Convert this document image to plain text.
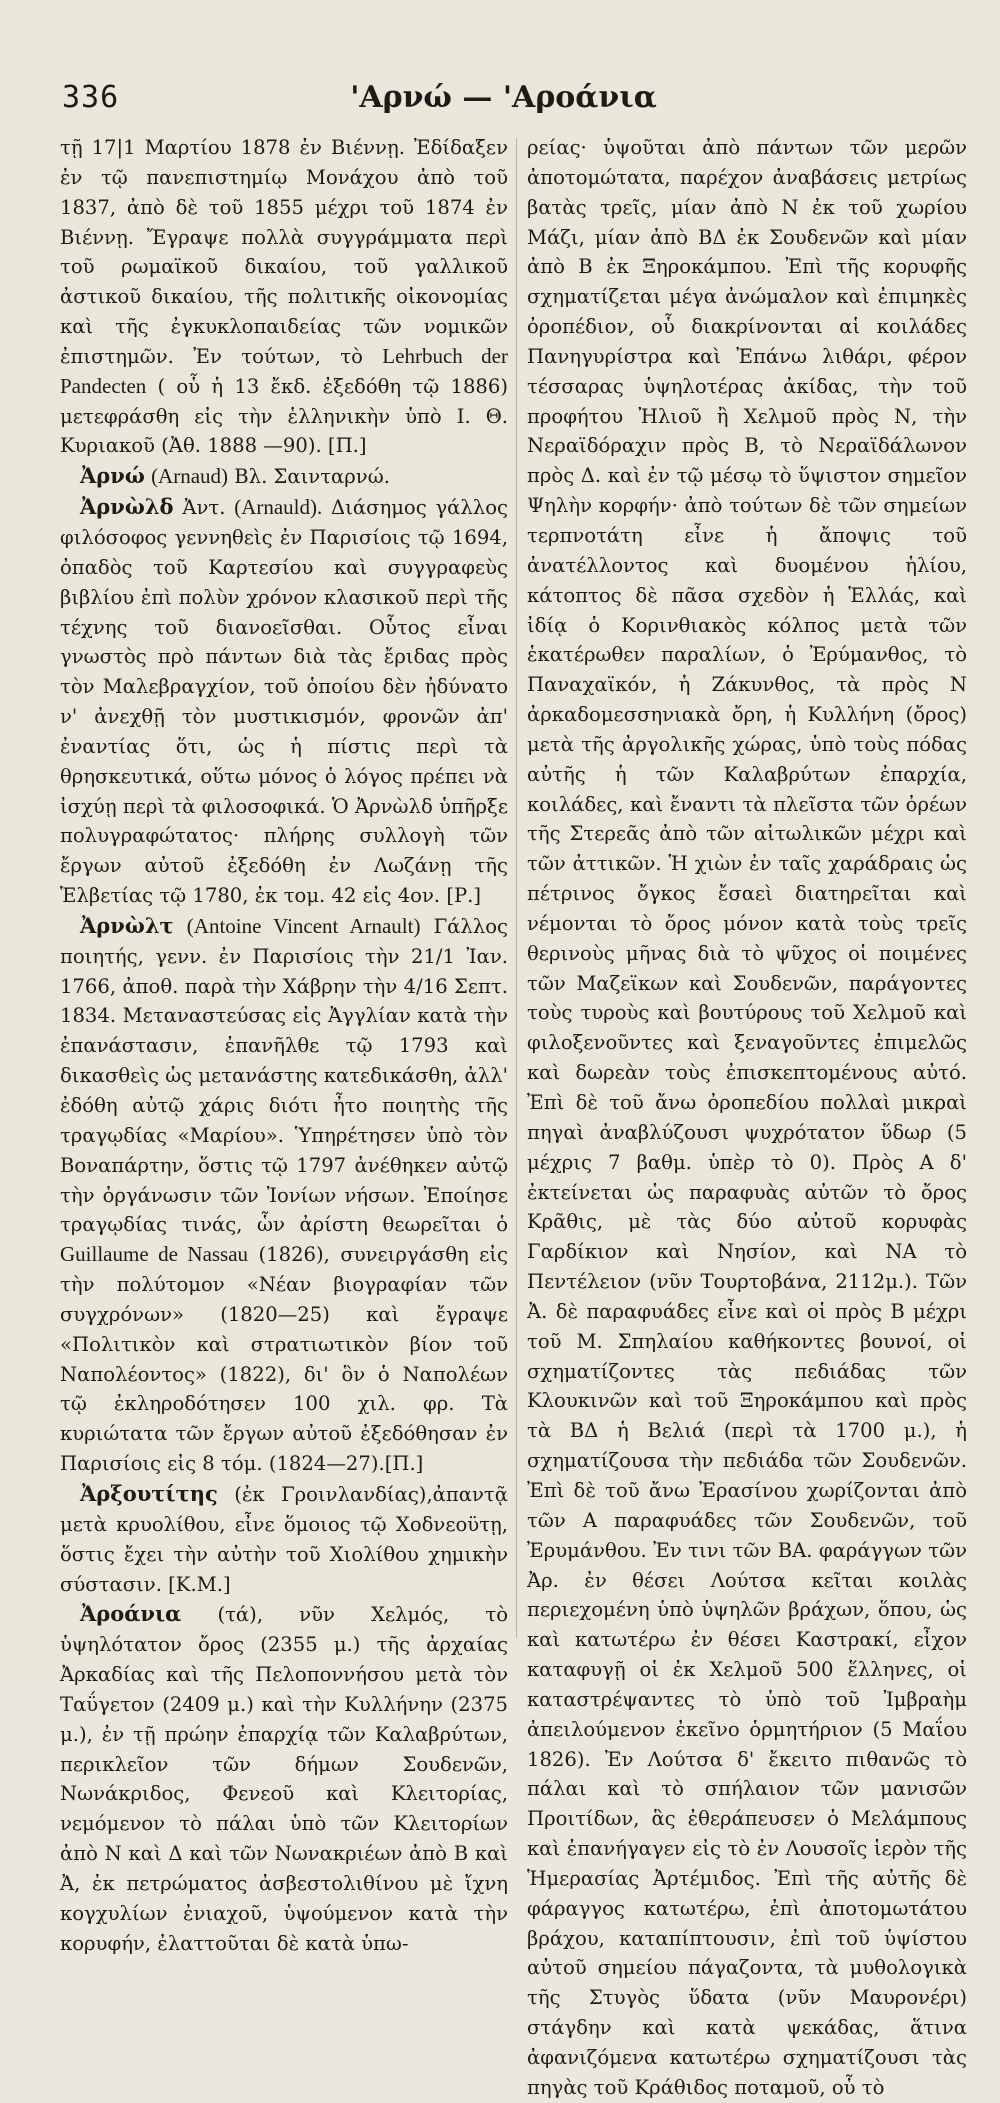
336	'Αρνώ — 'Αροάνια

τῇ 17|1 Μαρτίου 1878 ἐν Βιέννῃ. Ἐδίδαξεν ἐν τῷ πανεπιστημίῳ Μονάχου ἀπὸ τοῦ 1837, ἀπὸ δὲ τοῦ 1855 μέχρι τοῦ 1874 ἐν Βιέννῃ. Ἔγραψε πολλὰ συγγράμματα περὶ τοῦ ρωμαϊκοῦ δικαίου, τοῦ γαλλικοῦ ἀστικοῦ δικαίου, τῆς πολιτικῆς οἰκονομίας καὶ τῆς ἐγκυκλοπαιδείας τῶν νομικῶν ἐπιστημῶν. Ἐν τούτων, τὸ Lehrbuch der Pandecten ( οὗ ἡ 13 ἔκδ. ἐξεδόθη τῷ 1886) μετεφράσθη εἰς τὴν ἑλληνικὴν ὑπὸ Ι. Θ. Κυριακοῦ (Ἀθ. 1888 —90). [Π.]

Ἀρνώ (Arnaud) Βλ. Σαινταρνώ.

Ἀρνὼλδ Ἀντ. (Arnauld). Διάσημος γάλλος φιλόσοφος γεννηθεὶς ἐν Παρισίοις τῷ 1694, ὀπαδὸς τοῦ Καρτεσίου καὶ συγγραφεὺς βιβλίου ἐπὶ πολὺν χρόνον κλασικοῦ περὶ τῆς τέχνης τοῦ διανοεῖσθαι. Οὗτος εἶναι γνωστὸς πρὸ πάντων διὰ τὰς ἔριδας πρὸς τὸν Μαλεβραγχίον, τοῦ ὁποίου δὲν ἠδύνατο ν' ἀνεχθῇ τὸν μυστικισμόν, φρονῶν ἀπ' ἐναντίας ὅτι, ὡς ἡ πίστις περὶ τὰ θρησκευτικά, οὕτω μόνος ὁ λόγος πρέπει νὰ ἰσχύῃ περὶ τὰ φιλοσοφικά. Ὁ Ἀρνὼλδ ὑπῆρξε πολυγραφώτατος· πλήρης συλλογὴ τῶν ἔργων αὐτοῦ ἐξεδόθη ἐν Λωζάνῃ τῆς Ἑλβετίας τῷ 1780, ἐκ τομ. 42 εἰς 4ον. [Ρ.]

Ἀρνὼλτ (Antoine Vincent Arnault) Γάλλος ποιητής, γενν. ἐν Παρισίοις τὴν 21/1 Ἰαν. 1766, ἀποθ. παρὰ τὴν Χάβρην τὴν 4/16 Σεπτ. 1834. Μεταναστεύσας εἰς Ἀγγλίαν κατὰ τὴν ἐπανάστασιν, ἐπανῆλθε τῷ 1793 καὶ δικασθεὶς ὡς μετανάστης κατεδικάσθη, ἀλλ' ἐδόθη αὐτῷ χάρις διότι ἦτο ποιητὴς τῆς τραγῳδίας «Μαρίου». Ὑπηρέτησεν ὑπὸ τὸν Βοναπάρτην, ὅστις τῷ 1797 ἀνέθηκεν αὐτῷ τὴν ὀργάνωσιν τῶν Ἰονίων νήσων. Ἐποίησε τραγῳδίας τινάς, ὧν ἀρίστη θεωρεῖται ὁ Guillaume de Nassau (1826), συνειργάσθη εἰς τὴν πολύτομον «Νέαν βιογραφίαν τῶν συγχρόνων» (1820—25) καὶ ἔγραψε «Πολιτικὸν καὶ στρατιωτικὸν βίον τοῦ Ναπολέοντος» (1822), δι' ὃν ὁ Ναπολέων τῷ ἐκληροδότησεν 100 χιλ. φρ. Τὰ κυριώτατα τῶν ἔργων αὐτοῦ ἐξεδόθησαν ἐν Παρισίοις εἰς 8 τόμ. (1824—27).[Π.]

Ἀρξουτίτης (ἐκ Γροινλανδίας),ἀπαντᾷ μετὰ κρυολίθου, εἶνε ὅμοιος τῷ Χοδνεοϋτῃ, ὅστις ἔχει τὴν αὐτὴν τοῦ Χιολίθου χημικὴν σύστασιν. [Κ.Μ.]

Ἀροάνια (τά), νῦν Χελμός, τὸ ὑψηλότατον ὄρος (2355 μ.) τῆς ἀρχαίας Ἀρκαδίας καὶ τῆς Πελοποννήσου μετὰ τὸν Ταΰγετον (2409 μ.) καὶ τὴν Κυλλήνην (2375 μ.), ἐν τῇ πρώην ἐπαρχίᾳ τῶν Καλαβρύτων, περικλεῖον τῶν δήμων Σουδενῶν, Νωνάκριδος, Φενεοῦ καὶ Κλειτορίας, νεμόμενον τὸ πάλαι ὑπὸ τῶν Κλειτορίων ἀπὸ Ν καὶ Δ καὶ τῶν Νωνακριέων ἀπὸ Β καὶ Ἀ, ἐκ πετρώματος ἀσβεστολιθίνου μὲ ἴχνη κογχυλίων ἐνιαχοῦ, ὑψούμενον κατὰ τὴν κορυφήν, ἐλαττοῦται δὲ κατὰ ὑπω-

ρείας· ὑψοῦται ἀπὸ πάντων τῶν μερῶν ἀποτομώτατα, παρέχον ἀναβάσεις μετρίως βατὰς τρεῖς, μίαν ἀπὸ Ν ἐκ τοῦ χωρίου Μάζι, μίαν ἀπὸ ΒΔ ἐκ Σουδενῶν καὶ μίαν ἀπὸ Β ἐκ Ξηροκάμπου. Ἐπὶ τῆς κορυφῆς σχηματίζεται μέγα ἀνώμαλον καὶ ἐπιμηκὲς ὀροπέδιον, οὗ διακρίνονται αἱ κοιλάδες Πανηγυρίστρα καὶ Ἐπάνω λιθάρι, φέρον τέσσαρας ὑψηλοτέρας ἀκίδας, τὴν τοῦ προφήτου Ἠλιοῦ ἢ Χελμοῦ πρὸς Ν, τὴν Νεραϊδόραχιν πρὸς Β, τὸ Νεραϊδάλωνον πρὸς Δ. καὶ ἐν τῷ μέσῳ τὸ ὕψιστον σημεῖον Ψηλὴν κορφήν· ἀπὸ τούτων δὲ τῶν σημείων τερπνοτάτη εἶνε ἡ ἄποψις τοῦ ἀνατέλλοντος καὶ δυομένου ἡλίου, κάτοπτος δὲ πᾶσα σχεδὸν ἡ Ἑλλάς, καὶ ἰδίᾳ ὁ Κορινθιακὸς κόλπος μετὰ τῶν ἑκατέρωθεν παραλίων, ὁ Ἐρύμανθος, τὸ Παναχαϊκόν, ἡ Ζάκυνθος, τὰ πρὸς Ν ἀρκαδομεσσηνιακὰ ὄρη, ἡ Κυλλήνη (ὄρος) μετὰ τῆς ἀργολικῆς χώρας, ὑπὸ τοὺς πόδας αὐτῆς ἡ τῶν Καλαβρύτων ἐπαρχία, κοιλάδες, καὶ ἔναντι τὰ πλεῖστα τῶν ὀρέων τῆς Στερεᾶς ἀπὸ τῶν αἰτωλικῶν μέχρι καὶ τῶν ἀττικῶν. Ἡ χιὼν ἐν ταῖς χαράδραις ὡς πέτρινος ὄγκος ἔσαεὶ διατηρεῖται καὶ νέμονται τὸ ὄρος μόνον κατὰ τοὺς τρεῖς θερινοὺς μῆνας διὰ τὸ ψῦχος οἱ ποιμένες τῶν Μαζεϊκων καὶ Σουδενῶν, παράγοντες τοὺς τυροὺς καὶ βουτύρους τοῦ Χελμοῦ καὶ φιλοξενοῦντες καὶ ξεναγοῦντες ἐπιμελῶς καὶ δωρεὰν τοὺς ἐπισκεπτομένους αὐτό. Ἐπὶ δὲ τοῦ ἄνω ὀροπεδίου πολλαὶ μικραὶ πηγαὶ ἀναβλύζουσι ψυχρότατον ὕδωρ (5 μέχρις 7 βαθμ. ὑπὲρ τὸ 0). Πρὸς Α δ' ἐκτείνεται ὡς παραφυὰς αὐτῶν τὸ ὄρος Κρᾶθις, μὲ τὰς δύο αὐτοῦ κορυφὰς Γαρδίκιον καὶ Νησίον, καὶ ΝΑ τὸ Πεντέλειον (νῦν Τουρτοβάνα, 2112μ.). Τῶν Ἀ. δὲ παραφυάδες εἶνε καὶ οἱ πρὸς Β μέχρι τοῦ Μ. Σπηλαίου καθήκοντες βουνοί, οἱ σχηματίζοντες τὰς πεδιάδας τῶν Κλουκινῶν καὶ τοῦ Ξηροκάμπου καὶ πρὸς τὰ ΒΔ ἡ Βελιά (περὶ τὰ 1700 μ.), ἡ σχηματίζουσα τὴν πεδιάδα τῶν Σουδενῶν. Ἐπὶ δὲ τοῦ ἄνω Ἐρασίνου χωρίζονται ἀπὸ τῶν Α παραφυάδες τῶν Σουδενῶν, τοῦ Ἐρυμάνθου. Ἐν τινι τῶν ΒΑ. φαράγγων τῶν Ἀρ. ἐν θέσει Λούτσα κεῖται κοιλὰς περιεχομένη ὑπὸ ὑψηλῶν βράχων, ὅπου, ὡς καὶ κατωτέρω ἐν θέσει Καστρακί, εἶχον καταφυγῇ οἱ ἐκ Χελμοῦ 500 ἕλληνες, οἱ καταστρέψαντες τὸ ὑπὸ τοῦ Ἰμβραὴμ ἀπειλούμενον ἐκεῖνο ὁρμητήριον (5 Μαΐου 1826). Ἐν Λούτσα δ' ἔκειτο πιθανῶς τὸ πάλαι καὶ τὸ σπήλαιον τῶν μανισῶν Προιτίδων, ἃς ἐθεράπευσεν ὁ Μελάμπους καὶ ἐπανήγαγεν εἰς τὸ ἐν Λουσοῖς ἱερὸν τῆς Ἡμερασίας Ἀρτέμιδος. Ἐπὶ τῆς αὐτῆς δὲ φάραγγος κατωτέρω, ἐπὶ ἀποτομωτάτου βράχου, καταπίπτουσιν, ἐπὶ τοῦ ὑψίστου αὐτοῦ σημείου πάγαζοντα, τὰ μυθολογικὰ τῆς Στυγὸς ὕδατα (νῦν Μαυρονέρι) στάγδην καὶ κατὰ ψεκάδας, ἅτινα ἀφανιζόμενα κατωτέρω σχηματίζουσι τὰς πηγὰς τοῦ Κράθιδος ποταμοῦ, οὗ τὸ
